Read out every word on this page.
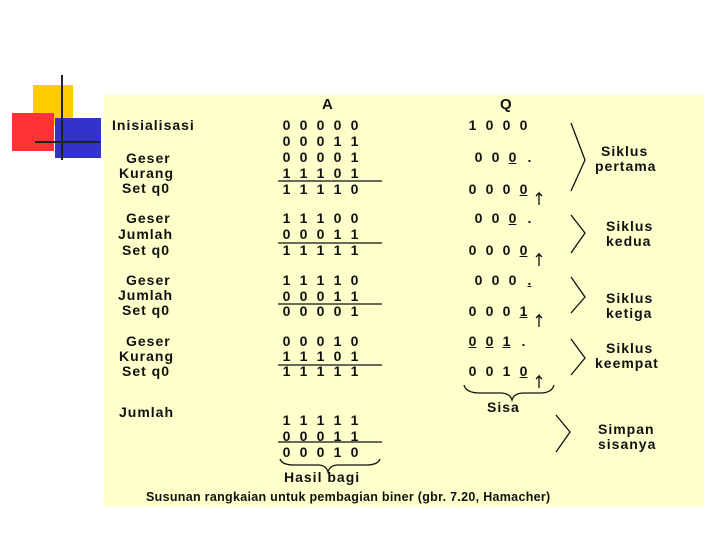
A	Q
Inisialisasi
Geser
Kurang
Set q0
Geser
Jumlah
Set q0
Geser
Jumlah
Set q0
Geser
Kurang
Set q0
Jumlah
0 0 0 0 0
0 0 0 1 1
0 0 0 0 1
1 1 1 0 1
1 1 1 1 0
1 1 1 0 0
0 0 0 1 1
1 1 1 1 1
1 1 1 1 0
0 0 0 1 1
0 0 0 0 1
0 0 0 1 0
1 1 1 0 1
1 1 1 1 1
1 1 1 1 1
0 0 0 1 1
0 0 0 1 0
1 0 0 0
0 0 0 .
0 0 0 0
0 0 0 .
0 0 0 0
0 0 0 .
0 0 0 1
0 0 1 .
0 0 1 0
Siklus
pertama
Siklus
kedua
Siklus
ketiga
Siklus
keempat
Sisa
Simpan
sisanya
Hasil bagi
Susunan rangkaian untuk pembagian biner (gbr. 7.20, Hamacher)
